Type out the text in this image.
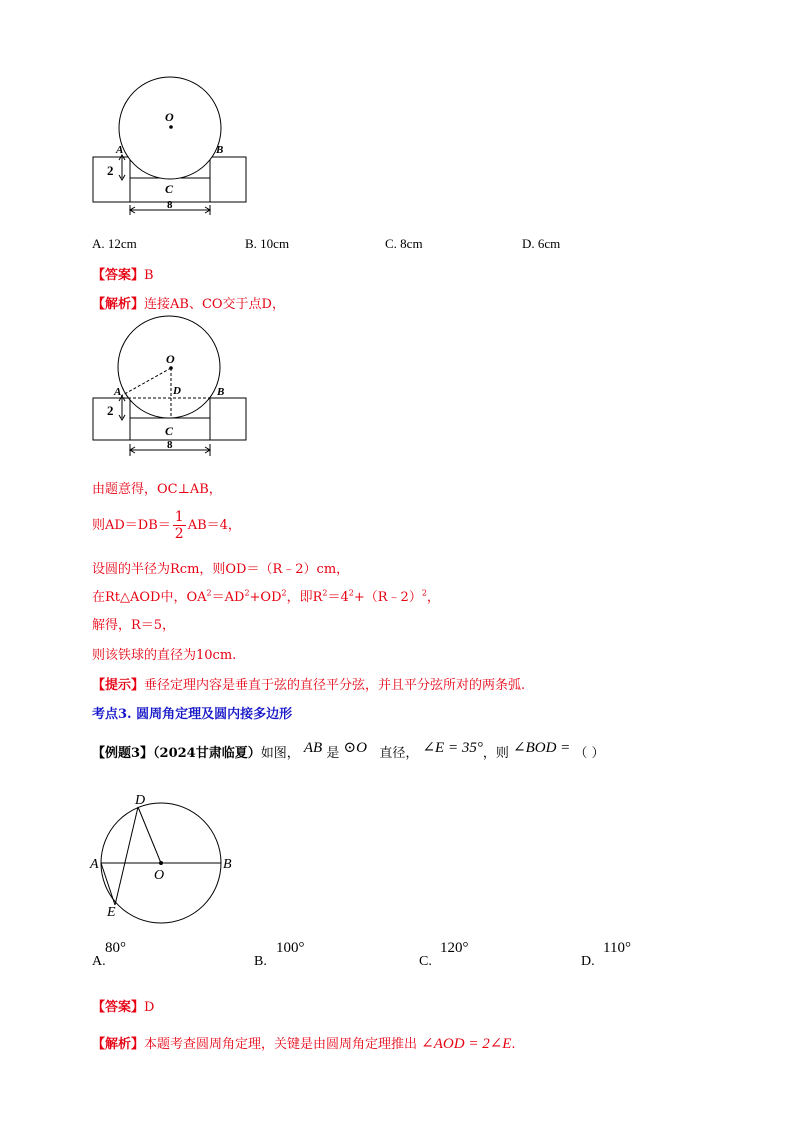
O
A	B
C
2
8
A. 12cm	B. 10cm	C. 8cm	D. 6cm
【答案】B
【解析】连接AB、CO交于点D，
O
D
A	B
C
2
8
由题意得，OC⊥AB，
则$AD=DB= \frac{1}{2} AB=4$，
设圆的半径为Rcm，则OD＝（R﹣2）cm，
在Rt△AOD中，$OA^2=AD^2+OD^2$，即$R^2=4^2+(R﹣2)^2$，
解得，R＝5，
则该铁球的直径为10cm.
【提示】垂径定理内容是垂直于弦的直径平分弦，并且平分弦所对的两条弧.
考点3. 圆周角定理及圆内接多边形
【例题3】（2024甘肃临夏）如图， AB 是 ⊙O 直径， ∠E = 35°，则 ∠BOD = （ ）
D
A	B
O
E
A.
80°
B.
100°
C.
120°
D.
110°
【答案】D
【解析】本题考查圆周角定理，关键是由圆周角定理推出 ∠AOD = 2∠E.
